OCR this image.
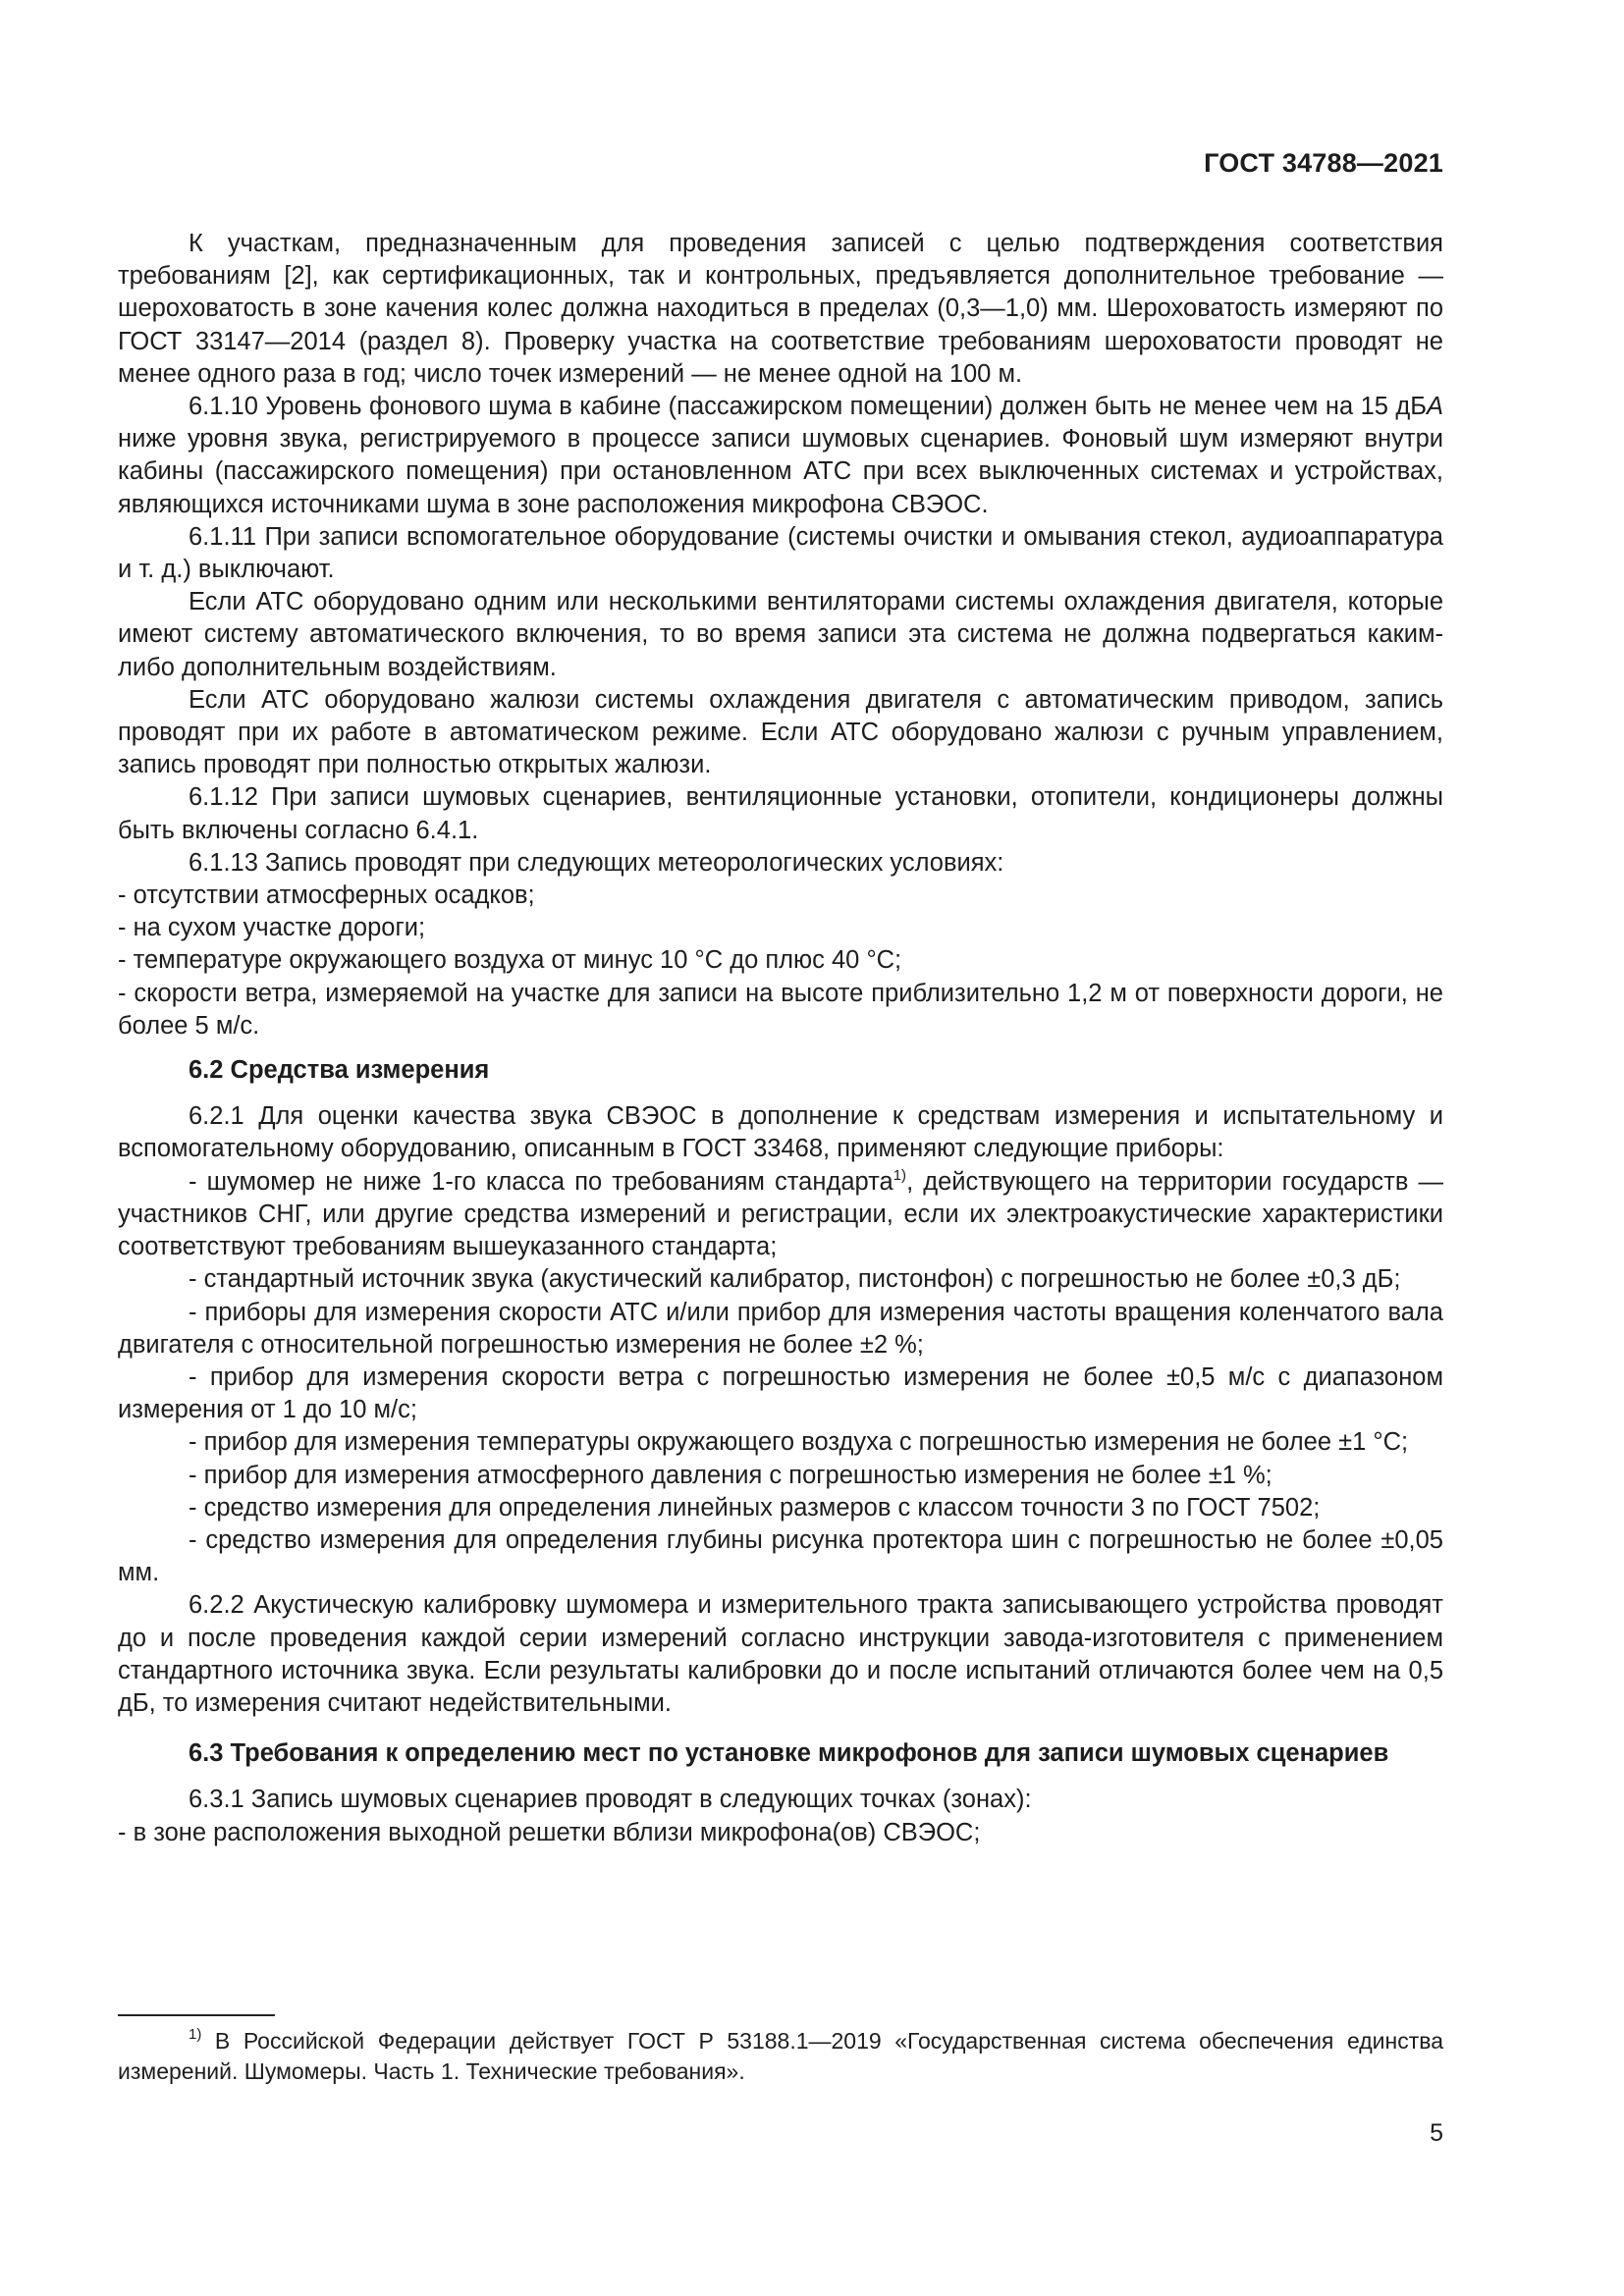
ГОСТ 34788—2021

К участкам, предназначенным для проведения записей с целью подтверждения соответствия требованиям [2], как сертификационных, так и контрольных, предъявляется дополнительное требование — шероховатость в зоне качения колес должна находиться в пределах (0,3—1,0) мм. Шероховатость измеряют по ГОСТ 33147—2014 (раздел 8). Проверку участка на соответствие требованиям шероховатости проводят не менее одного раза в год; число точек измерений — не менее одной на 100 м.

6.1.10 Уровень фонового шума в кабине (пассажирском помещении) должен быть не менее чем на 15 дБА ниже уровня звука, регистрируемого в процессе записи шумовых сценариев. Фоновый шум измеряют внутри кабины (пассажирского помещения) при остановленном АТС при всех выключенных системах и устройствах, являющихся источниками шума в зоне расположения микрофона СВЭОС.

6.1.11 При записи вспомогательное оборудование (системы очистки и омывания стекол, аудиоаппаратура и т. д.) выключают.

Если АТС оборудовано одним или несколькими вентиляторами системы охлаждения двигателя, которые имеют систему автоматического включения, то во время записи эта система не должна подвергаться каким-либо дополнительным воздействиям.

Если АТС оборудовано жалюзи системы охлаждения двигателя с автоматическим приводом, запись проводят при их работе в автоматическом режиме. Если АТС оборудовано жалюзи с ручным управлением, запись проводят при полностью открытых жалюзи.

6.1.12 При записи шумовых сценариев, вентиляционные установки, отопители, кондиционеры должны быть включены согласно 6.4.1.

6.1.13 Запись проводят при следующих метеорологических условиях:

- отсутствии атмосферных осадков;

- на сухом участке дороги;

- температуре окружающего воздуха от минус 10 °С до плюс 40 °С;

- скорости ветра, измеряемой на участке для записи на высоте приблизительно 1,2 м от поверхности дороги, не более 5 м/с.

6.2 Средства измерения

6.2.1 Для оценки качества звука СВЭОС в дополнение к средствам измерения и испытательному и вспомогательному оборудованию, описанным в ГОСТ 33468, применяют следующие приборы:

- шумомер не ниже 1-го класса по требованиям стандарта$^{1)}$, действующего на территории государств — участников СНГ, или другие средства измерений и регистрации, если их электроакустические характеристики соответствуют требованиям вышеуказанного стандарта;

- стандартный источник звука (акустический калибратор, пистонфон) с погрешностью не более ±0,3 дБ;

- приборы для измерения скорости АТС и/или прибор для измерения частоты вращения коленчатого вала двигателя с относительной погрешностью измерения не более ±2 %;

- прибор для измерения скорости ветра с погрешностью измерения не более ±0,5 м/с с диапазоном измерения от 1 до 10 м/с;

- прибор для измерения температуры окружающего воздуха с погрешностью измерения не более ±1 °С;

- прибор для измерения атмосферного давления с погрешностью измерения не более ±1 %;

- средство измерения для определения линейных размеров с классом точности 3 по ГОСТ 7502;

- средство измерения для определения глубины рисунка протектора шин с погрешностью не более ±0,05 мм.

6.2.2 Акустическую калибровку шумомера и измерительного тракта записывающего устройства проводят до и после проведения каждой серии измерений согласно инструкции завода-изготовителя с применением стандартного источника звука. Если результаты калибровки до и после испытаний отличаются более чем на 0,5 дБ, то измерения считают недействительными.

6.3 Требования к определению мест по установке микрофонов для записи шумовых сценариев

6.3.1 Запись шумовых сценариев проводят в следующих точках (зонах):

- в зоне расположения выходной решетки вблизи микрофона(ов) СВЭОС;

$^{1)}$ В Российской Федерации действует ГОСТ Р 53188.1—2019 «Государственная система обеспечения единства измерений. Шумомеры. Часть 1. Технические требования».
5
